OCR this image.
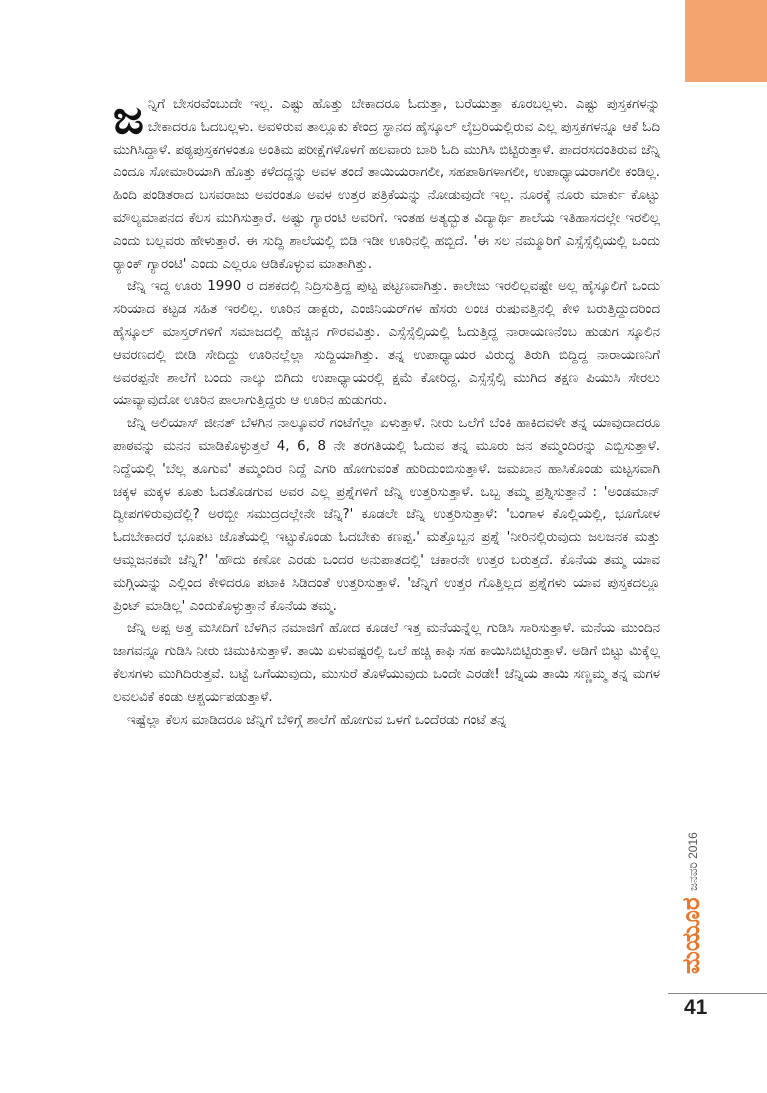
ಜನ್ನಿಗೆ ಬೇಸರವೆಂಬುದೇ ಇಲ್ಲ. ಎಷ್ಟು ಹೊತ್ತು ಬೇಕಾದರೂ ಓದುತ್ತಾ, ಬರೆಯುತ್ತಾ ಕೂರಬಲ್ಲಳು. ಎಷ್ಟು ಪುಸ್ತಕಗಳನ್ನು ಬೇಕಾದರೂ ಓದಬಲ್ಲಳು. ಅವಳಿರುವ ತಾಲ್ಲೂಕು ಕೇಂದ್ರ ಸ್ಥಾನದ ಹೈಸ್ಕೂಲ್ ಲೈಬ್ರರಿಯಲ್ಲಿರುವ ಎಲ್ಲ ಪುಸ್ತಕಗಳನ್ನೂ ಆಕೆ ಓದಿ ಮುಗಿಸಿದ್ದಾಳೆ. ಪಠ್ಯಪುಸ್ತಕಗಳಂತೂ ಅಂತಿಮ ಪರೀಕ್ಷೆಗಳೊಳಗೆ ಹಲವಾರು ಬಾರಿ ಓದಿ ಮುಗಿಸಿ ಬಿಟ್ಟಿರುತ್ತಾಳೆ. ಪಾದರಸದಂತಿರುವ ಜೆನ್ನಿ ಎಂದೂ ಸೋಮಾರಿಯಾಗಿ ಹೊತ್ತು ಕಳೆದದ್ದನ್ನು ಅವಳ ತಂದೆ ತಾಯಿಯರಾಗಲೀ, ಸಹಪಾಠಿಗಳಾಗಲೀ, ಉಪಾಧ್ಯಾಯರಾಗಲೀ ಕಂಡಿಲ್ಲ. ಹಿಂದಿ ಪಂಡಿತರಾದ ಬಸವರಾಜು ಅವರಂತೂ ಅವಳ ಉತ್ತರ ಪತ್ರಿಕೆಯನ್ನು ನೋಡುವುದೇ ಇಲ್ಲ. ನೂರಕ್ಕೆ ನೂರು ಮಾರ್ಕು ಕೊಟ್ಟು ಮೌಲ್ಯಮಾಪನದ ಕೆಲಸ ಮುಗಿಸುತ್ತಾರೆ. ಅಷ್ಟು ಗ್ಯಾರಂಟಿ ಅವರಿಗೆ. ಇಂತಹ ಅತ್ಯದ್ಭುತ ವಿದ್ಯಾರ್ಥಿ ಶಾಲೆಯ ಇತಿಹಾಸದಲ್ಲೇ ಇರಲಿಲ್ಲ ಎಂದು ಬಲ್ಲವರು ಹೇಳುತ್ತಾರೆ. ಈ ಸುದ್ದಿ ಶಾಲೆಯಲ್ಲಿ ಬಿಡಿ ಇಡೀ ಊರಿನಲ್ಲಿ ಹಬ್ಬಿದೆ. 'ಈ ಸಲ ನಮ್ಮೂರಿಗೆ ಎಸ್ಸೆಸ್ಸೆಲ್ಸಿಯಲ್ಲಿ ಒಂದು ರ‍್ಯಾಂಕ್ ಗ್ಯಾರಂಟಿ' ಎಂದು ಎಲ್ಲರೂ ಆಡಿಕೊಳ್ಳುವ ಮಾತಾಗಿತ್ತು.

ಜೆನ್ನಿ ಇದ್ದ ಊರು 1990 ರ ದಶಕದಲ್ಲಿ ನಿದ್ರಿಸುತ್ತಿದ್ದ ಪುಟ್ಟ ಪಟ್ಟಣವಾಗಿತ್ತು. ಕಾಲೇಜು ಇರಲಿಲ್ಲವಷ್ಟೇ ಅಲ್ಲ ಹೈಸ್ಕೂಲಿಗೆ ಒಂದು ಸರಿಯಾದ ಕಟ್ಟಡ ಸಹಿತ ಇರಲಿಲ್ಲ. ಊರಿನ ಡಾಕ್ಟರು, ಎಂಜಿನಿಯರ್‌ಗಳ ಹೆಸರು ಲಂಚ ರುಷುವತ್ತಿನಲ್ಲಿ ಕೇಳಿ ಬರುತ್ತಿದ್ದುದರಿಂದ ಹೈಸ್ಕೂಲ್ ಮಾಸ್ತರ್‌ಗಳಿಗೆ ಸಮಾಜದಲ್ಲಿ ಹೆಚ್ಚಿನ ಗೌರವವಿತ್ತು. ಎಸ್ಸೆಸ್ಸೆಲ್ಸಿಯಲ್ಲಿ ಓದುತ್ತಿದ್ದ ನಾರಾಯಣನೆಂಬ ಹುಡುಗ ಸ್ಕೂಲಿನ ಆವರಣದಲ್ಲಿ ಬೀಡಿ ಸೇದಿದ್ದು ಊರಿನಲ್ಲೆಲ್ಲಾ ಸುದ್ದಿಯಾಗಿತ್ತು. ತನ್ನ ಉಪಾಧ್ಯಾಯರ ವಿರುದ್ಧ ತಿರುಗಿ ಬಿದ್ದಿದ್ದ ನಾರಾಯಣನಿಗೆ ಅವರಪ್ಪನೇ ಶಾಲೆಗೆ ಬಂದು ನಾಲ್ಕು ಬಿಗಿದು ಉಪಾಧ್ಯಾಯರಲ್ಲಿ ಕ್ಷಮೆ ಕೋರಿದ್ದ. ಎಸ್ಸೆಸ್ಸೆಲ್ಸಿ ಮುಗಿದ ತಕ್ಷಣ ಪಿಯುಸಿ ಸೇರಲು ಯಾವ್ಯಾವುದೋ ಊರಿನ ಪಾಲಾಗುತ್ತಿದ್ದರು ಆ ಊರಿನ ಹುಡುಗರು.

ಜೆನ್ನಿ ಅಲಿಯಾಸ್ ಜೀನತ್ ಬೆಳಗಿನ ನಾಲ್ಕೂವರೆ ಗಂಟೆಗೆಲ್ಲಾ ಏಳುತ್ತಾಳೆ. ನೀರು ಒಲೆಗೆ ಬೆಂಕಿ ಹಾಕಿದವಳೇ ತನ್ನ ಯಾವುದಾದರೂ ಪಾಠವನ್ನು ಮನನ ಮಾಡಿಕೊಳ್ಳುತ್ತಲೆ 4, 6, 8 ನೇ ತರಗತಿಯಲ್ಲಿ ಓದುವ ತನ್ನ ಮೂರು ಜನ ತಮ್ಮಂದಿರನ್ನು ಎಬ್ಬಿಸುತ್ತಾಳೆ. ನಿದ್ದೆಯಲ್ಲಿ 'ಬೆಲ್ಲ ತೂಗುವ' ತಮ್ಮಂದಿರ ನಿದ್ದೆ ಎಗರಿ ಹೋಗುವಂತೆ ಹುರಿದುಂಬಿಸುತ್ತಾಳೆ. ಜಮಖಾನ ಹಾಸಿಕೊಂಡು ಮಟ್ಟಸವಾಗಿ ಚಕ್ಕಳ ಮಕ್ಕಳ ಕೂತು ಓದತೊಡಗುವ ಅವರ ಎಲ್ಲ ಪ್ರಶ್ನೆಗಳಿಗೆ ಜೆನ್ನಿ ಉತ್ತರಿಸುತ್ತಾಳೆ. ಒಬ್ಬ ತಮ್ಮ ಪ್ರಶ್ನಿಸುತ್ತಾನೆ : 'ಅಂಡಮಾನ್ ದ್ವೀಪಗಳಿರುವುದೆಲ್ಲಿ? ಅರಬ್ಬೀ ಸಮುದ್ರದಲ್ಲೇನೇ ಜೆನ್ನಿ?' ಕೂಡಲೇ ಜೆನ್ನಿ ಉತ್ತರಿಸುತ್ತಾಳೆ: 'ಬಂಗಾಳ ಕೊಲ್ಲಿಯಲ್ಲಿ, ಭೂಗೋಳ ಓದಬೇಕಾದರೆ ಭೂಪಟ ಜೊತೆಯಲ್ಲಿ ಇಟ್ಟುಕೊಂಡು ಓದಬೇಕು ಕಣಪ್ಪ.' ಮತ್ತೊಬ್ಬನ ಪ್ರಶ್ನೆ 'ನೀರಿನಲ್ಲಿರುವುದು ಜಲಜನಕ ಮತ್ತು ಆಮ್ಲಜನಕವೇ ಜೆನ್ನಿ?' 'ಹೌದು ಕಣೋ ಎರಡು ಒಂದರ ಅನುಪಾತದಲ್ಲಿ' ಚಕಾರನೇ ಉತ್ತರ ಬರುತ್ತದೆ. ಕೊನೆಯ ತಮ್ಮ ಯಾವ ಮಗ್ಗಿಯನ್ನು ಎಲ್ಲಿಂದ ಕೇಳಿದರೂ ಪಟಾಕಿ ಸಿಡಿದಂತೆ ಉತ್ತರಿಸುತ್ತಾಳೆ. 'ಜೆನ್ನಿಗೆ ಉತ್ತರ ಗೊತ್ತಿಲ್ಲದ ಪ್ರಶ್ನೆಗಳು ಯಾವ ಪುಸ್ತಕದಲ್ಲೂ ಪ್ರಿಂಟ್ ಮಾಡಿಲ್ಲ' ಎಂದುಕೊಳ್ಳುತ್ತಾನೆ ಕೊನೆಯ ತಮ್ಮ.

ಜೆನ್ನಿ ಅಪ್ಪ ಅತ್ತ ಮಸೀದಿಗೆ ಬೆಳಗಿನ ನಮಾಜಿಗೆ ಹೋದ ಕೂಡಲೆ ಇತ್ತ ಮನೆಯನ್ನೆಲ್ಲ ಗುಡಿಸಿ ಸಾರಿಸುತ್ತಾಳೆ. ಮನೆಯ ಮುಂದಿನ ಜಾಗವನ್ನೂ ಗುಡಿಸಿ ನೀರು ಚಿಮುಕಿಸುತ್ತಾಳೆ. ತಾಯಿ ಏಳುವಷ್ಟರಲ್ಲಿ ಒಲೆ ಹಚ್ಚಿ ಕಾಫಿ ಸಹ ಕಾಯಿಸಿಬಿಟ್ಟಿರುತ್ತಾಳೆ. ಅಡಿಗೆ ಬಿಟ್ಟು ಮಿಕ್ಕೆಲ್ಲ ಕೆಲಸಗಳು ಮುಗಿದಿರುತ್ತವೆ. ಬಟ್ಟೆ ಒಗೆಯುವುದು, ಮುಸುರೆ ತೊಳೆಯುವುದು ಒಂದೇ ಎರಡೇ! ಜೆನ್ನಿಯ ತಾಯಿ ಸಣ್ಣಮ್ಮ ತನ್ನ ಮಗಳ ಲವಲವಿಕೆ ಕಂಡು ಆಶ್ಚರ್ಯಪಡುತ್ತಾಳೆ.

ಇಷ್ಟೆಲ್ಲಾ ಕೆಲಸ ಮಾಡಿದರೂ ಜೆನ್ನಿಗೆ ಬೆಳಿಗ್ಗೆ ಶಾಲೆಗೆ ಹೋಗುವ ಒಳಗೆ ಒಂದೆರಡು ಗಂಟೆ ತನ್ನ

ಜನವರಿ 2016
ಮಯೂರ
41
